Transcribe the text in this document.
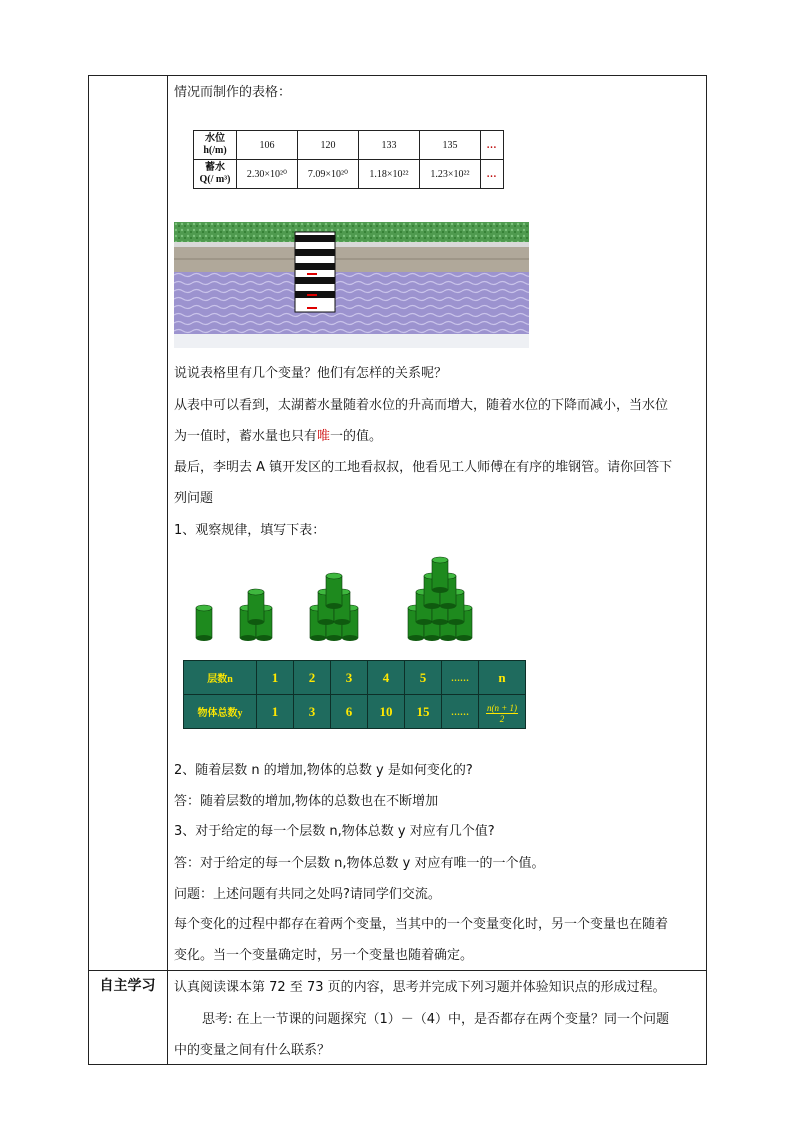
自主学习
情况而制作的表格：
水位
h(/m)	106	120	133	135	…
蓄水
Q(/ m³)	2.30×10²⁰	7.09×10²⁰	1.18×10²²	1.23×10²²	…
说说表格里有几个变量？他们有怎样的关系呢？
从表中可以看到，太湖蓄水量随着水位的升高而增大，随着水位的下降而减小，当水位
为一值时，蓄水量也只有唯一的值。
最后，李明去 A 镇开发区的工地看叔叔，他看见工人师傅在有序的堆钢管。请你回答下
列问题
1、观察规律，填写下表：
层数n	1	2	3	4	5	……	n
物体总数y	1	3	6	10	15	……	$\frac{n(n + 1)}{2}$
2、随着层数 n 的增加,物体的总数 y 是如何变化的?
答：随着层数的增加,物体的总数也在不断增加
3、对于给定的每一个层数 n,物体总数 y 对应有几个值?
答：对于给定的每一个层数 n,物体总数 y 对应有唯一的一个值。
问题：上述问题有共同之处吗?请同学们交流。
每个变化的过程中都存在着两个变量，当其中的一个变量变化时，另一个变量也在随着
变化。当一个变量确定时，另一个变量也随着确定。
认真阅读课本第 72 至 73 页的内容，思考并完成下列习题并体验知识点的形成过程。
思考: 在上一节课的问题探究（1）－（4）中，是否都存在两个变量？同一个问题
中的变量之间有什么联系？
